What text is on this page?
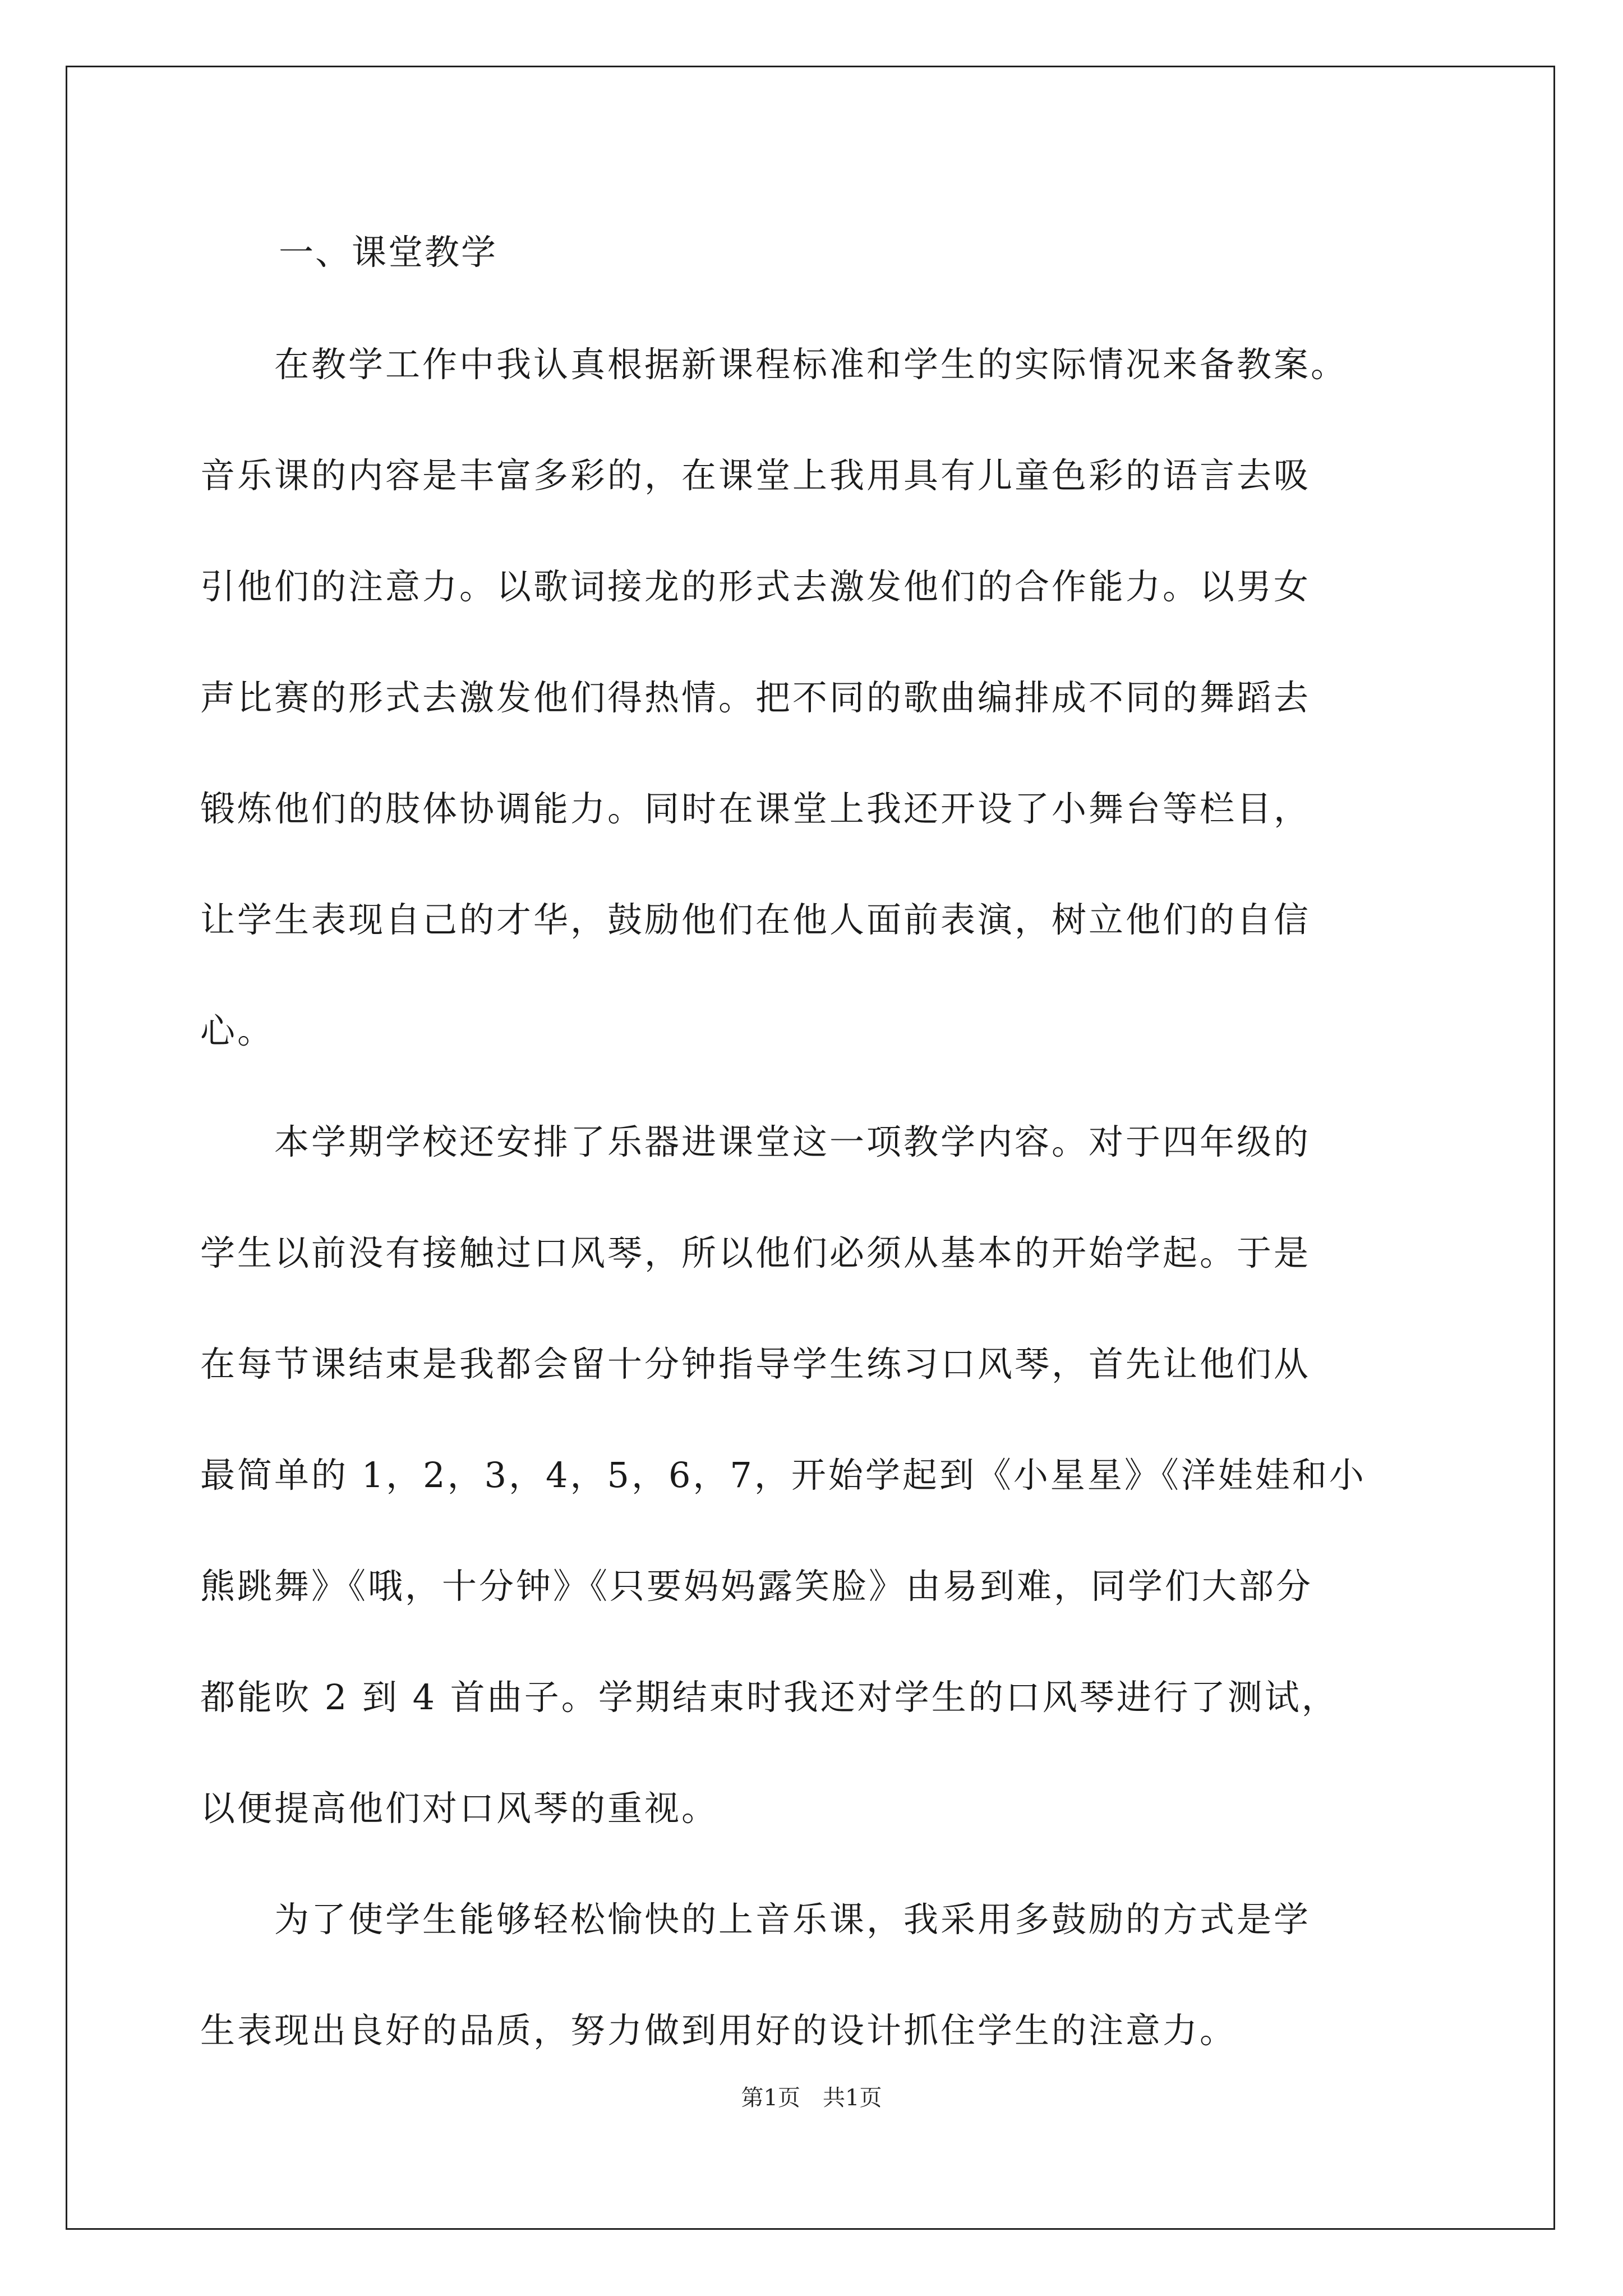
一、课堂教学
　　在教学工作中我认真根据新课程标准和学生的实际情况来备教案。
音乐课的内容是丰富多彩的，在课堂上我用具有儿童色彩的语言去吸
引他们的注意力。以歌词接龙的形式去激发他们的合作能力。以男女
声比赛的形式去激发他们得热情。把不同的歌曲编排成不同的舞蹈去
锻炼他们的肢体协调能力。同时在课堂上我还开设了小舞台等栏目，
让学生表现自己的才华，鼓励他们在他人面前表演，树立他们的自信
心。
　　本学期学校还安排了乐器进课堂这一项教学内容。对于四年级的
学生以前没有接触过口风琴，所以他们必须从基本的开始学起。于是
在每节课结束是我都会留十分钟指导学生练习口风琴，首先让他们从
最简单的 1，2，3，4，5，6，7，开始学起到《小星星》《洋娃娃和小
熊跳舞》《哦，十分钟》《只要妈妈露笑脸》由易到难，同学们大部分
都能吹 2 到 4 首曲子。学期结束时我还对学生的口风琴进行了测试，
以便提高他们对口风琴的重视。
　　为了使学生能够轻松愉快的上音乐课，我采用多鼓励的方式是学
生表现出良好的品质，努力做到用好的设计抓住学生的注意力。
第1页　共1页
